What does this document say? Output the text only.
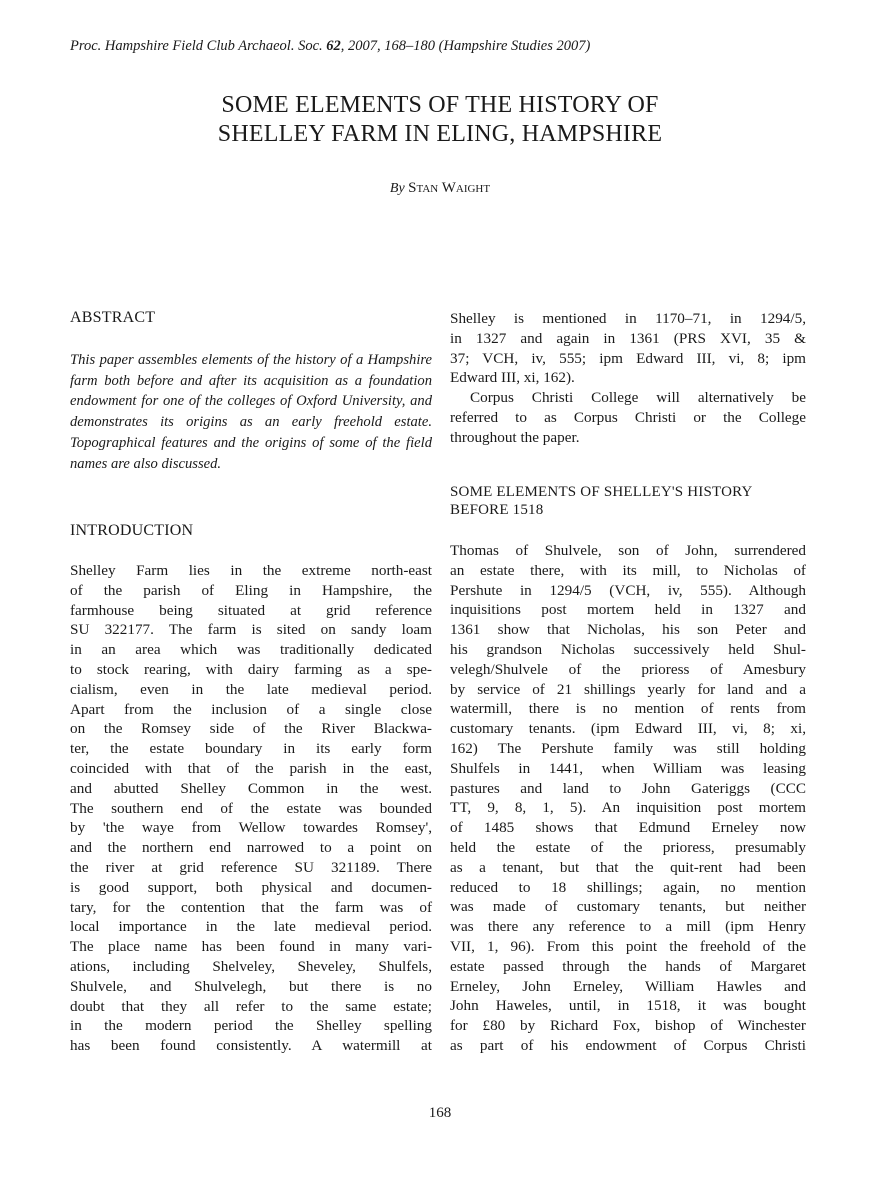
Proc. Hampshire Field Club Archaeol. Soc. 62, 2007, 168–180 (Hampshire Studies 2007)
SOME ELEMENTS OF THE HISTORY OF
SHELLEY FARM IN ELING, HAMPSHIRE
By Stan Waight
ABSTRACT
This paper assembles elements of the history of a Hampshire farm both before and after its acquisition as a foundation endowment for one of the colleges of Oxford University, and demonstrates its origins as an early freehold estate. Topographical features and the origins of some of the field names are also discussed.
INTRODUCTION
Shelley Farm lies in the extreme north-east
of the parish of Eling in Hampshire, the
farmhouse being situated at grid reference
SU 322177. The farm is sited on sandy loam
in an area which was traditionally dedicated
to stock rearing, with dairy farming as a spe-
cialism, even in the late medieval period.
Apart from the inclusion of a single close
on the Romsey side of the River Blackwa-
ter, the estate boundary in its early form
coincided with that of the parish in the east,
and abutted Shelley Common in the west.
The southern end of the estate was bounded
by 'the waye from Wellow towardes Romsey',
and the northern end narrowed to a point on
the river at grid reference SU 321189. There
is good support, both physical and documen-
tary, for the contention that the farm was of
local importance in the late medieval period.
The place name has been found in many vari-
ations, including Shelveley, Sheveley, Shulfels,
Shulvele, and Shulvelegh, but there is no
doubt that they all refer to the same estate;
in the modern period the Shelley spelling
has been found consistently. A watermill at
Shelley is mentioned in 1170–71, in 1294/5,
in 1327 and again in 1361 (PRS XVI, 35 &
37; VCH, iv, 555; ipm Edward III, vi, 8; ipm
Edward III, xi, 162).
Corpus Christi College will alternatively be
referred to as Corpus Christi or the College
throughout the paper.
SOME ELEMENTS OF SHELLEY'S HISTORY
BEFORE 1518
Thomas of Shulvele, son of John, surrendered
an estate there, with its mill, to Nicholas of
Pershute in 1294/5 (VCH, iv, 555). Although
inquisitions post mortem held in 1327 and
1361 show that Nicholas, his son Peter and
his grandson Nicholas successively held Shul-
velegh/Shulvele of the prioress of Amesbury
by service of 21 shillings yearly for land and a
watermill, there is no mention of rents from
customary tenants. (ipm Edward III, vi, 8; xi,
162) The Pershute family was still holding
Shulfels in 1441, when William was leasing
pastures and land to John Gateriggs (CCC
TT, 9, 8, 1, 5). An inquisition post mortem
of 1485 shows that Edmund Erneley now
held the estate of the prioress, presumably
as a tenant, but that the quit-rent had been
reduced to 18 shillings; again, no mention
was made of customary tenants, but neither
was there any reference to a mill (ipm Henry
VII, 1, 96). From this point the freehold of the
estate passed through the hands of Margaret
Erneley, John Erneley, William Hawles and
John Haweles, until, in 1518, it was bought
for £80 by Richard Fox, bishop of Winchester
as part of his endowment of Corpus Christi
168
